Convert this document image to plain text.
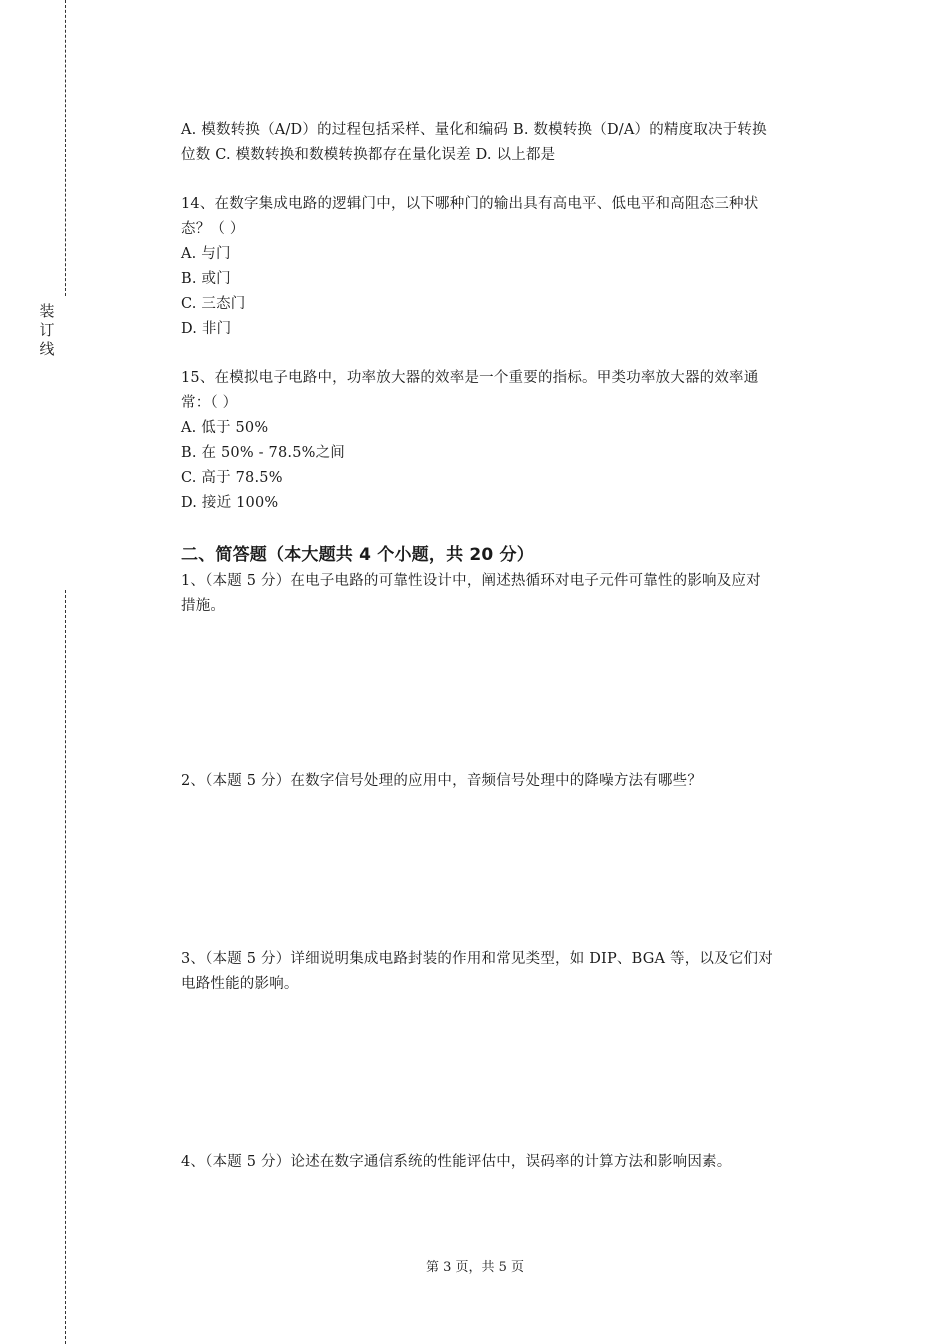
装
订
线

A. 模数转换（A/D）的过程包括采样、量化和编码 B. 数模转换（D/A）的精度取决于转换

位数 C. 模数转换和数模转换都存在量化误差 D. 以上都是

14、在数字集成电路的逻辑门中，以下哪种门的输出具有高电平、低电平和高阻态三种状

态？（ ）

A. 与门

B. 或门

C. 三态门

D. 非门

15、在模拟电子电路中，功率放大器的效率是一个重要的指标。甲类功率放大器的效率通

常：（ ）

A. 低于 50%

B. 在 50% - 78.5%之间

C. 高于 78.5%

D. 接近 100%

二、简答题（本大题共 4 个小题，共 20 分）

1、（本题 5 分）在电子电路的可靠性设计中，阐述热循环对电子元件可靠性的影响及应对

措施。

2、（本题 5 分）在数字信号处理的应用中，音频信号处理中的降噪方法有哪些？

3、（本题 5 分）详细说明集成电路封装的作用和常见类型，如 DIP、BGA 等，以及它们对

电路性能的影响。

4、（本题 5 分）论述在数字通信系统的性能评估中，误码率的计算方法和影响因素。

第 3 页，共 5 页
